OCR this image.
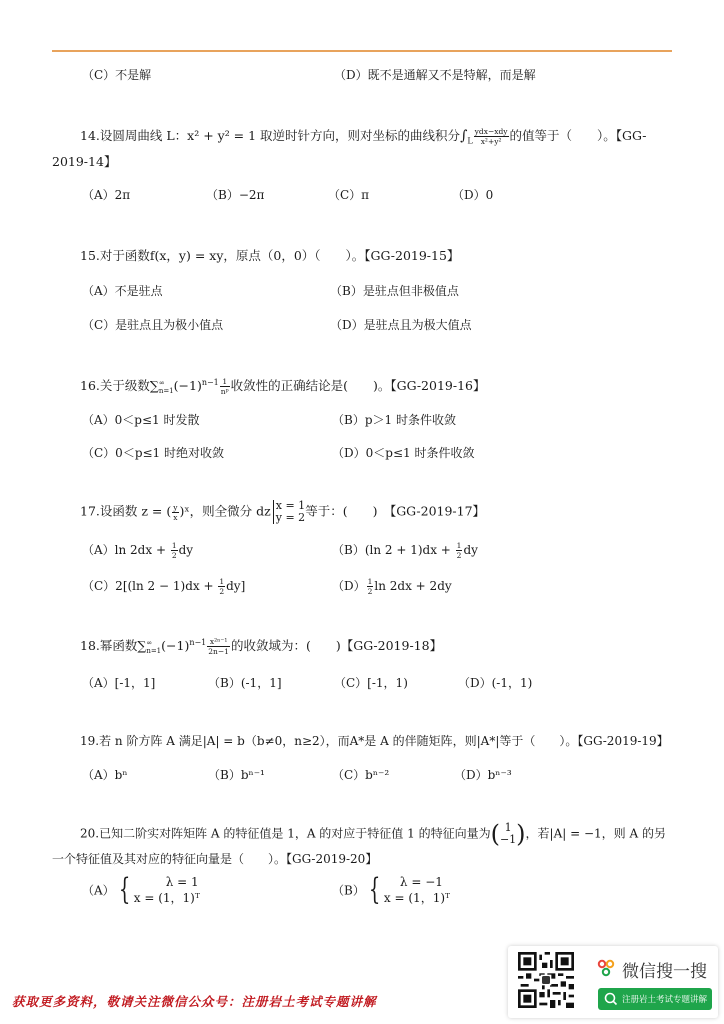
（C）不是解	（D）既不是通解又不是特解，而是解
14.设圆周曲线 L：x² + y² = 1 取逆时针方向，则对坐标的曲线积分$\int_L \frac{\text{ydx−xdy}}{\text{x²+y²}}$ 的值等于（　　）。【GG-
2019-14】
（A）2π	（B）−2π	（C）π	（D）0
15.对于函数f(x，y) = xy，原点（0，0）（　　）。【GG-2019-15】
（A）不是驻点	（B）是驻点但非极值点
（C）是驻点且为极小值点	（D）是驻点且为极大值点
16.关于级数∑ ∞
n=1 $(-1)^{n-1} \frac{1}{\text{nᵖ}}$ 收敛性的正确结论是(　　)。【GG-2019-16】
（A）0＜p≤1 时发散	（B）p＞1 时条件收敛
（C）0＜p≤1 时绝对收敛	（D）0＜p≤1 时条件收敛
17.设函数 z = ( $\frac{y}{x}$ )ˣ，则全微分 dz x = 1
y = 2 等于：(　　)　【GG-2019-17】
（A）ln $2dx + \frac{1}{2}$ dy	（B）(ln $2 + 1)dx + \frac{1}{2}$ dy
（C）2[(ln $2 - 1)dx + \frac{1}{2} dy$]	$(D) \frac{1}{2}$ ln 2dx + 2dy
18.幂函数∑ ∞
n=1 $(-1)^{n-1} \frac{\text{x²ⁿ⁻¹}}{2n-1}$ 的收敛域为：(　　)【GG-2019-18】
（A）[-1，1]	（B）(-1，1]	（C）[-1，1)	（D）(-1，1)
19.若 n 阶方阵 A 满足|A| = b（b≠0，n≥2），而A*是 A 的伴随矩阵，则|A*|等于（　　）。【GG-2019-19】
（A）bⁿ	（B）bⁿ⁻¹	（C）bⁿ⁻²	（D）bⁿ⁻³
20.已知二阶实对阵矩阵 A 的特征值是 1，A 的对应于特征值 1 的特征向量为( 1
−1 )，若|A| = −1，则 A 的另
一个特征值及其对应的特征向量是（　　）。【GG-2019-20】
（A） {	λ = 1
x = (1，1)ᵀ
（B） {	λ = −1
x = (1，1)ᵀ
获取更多资料，敬请关注微信公众号：注册岩土考试专题讲解
微信搜一搜
注册岩土考试专题讲解
